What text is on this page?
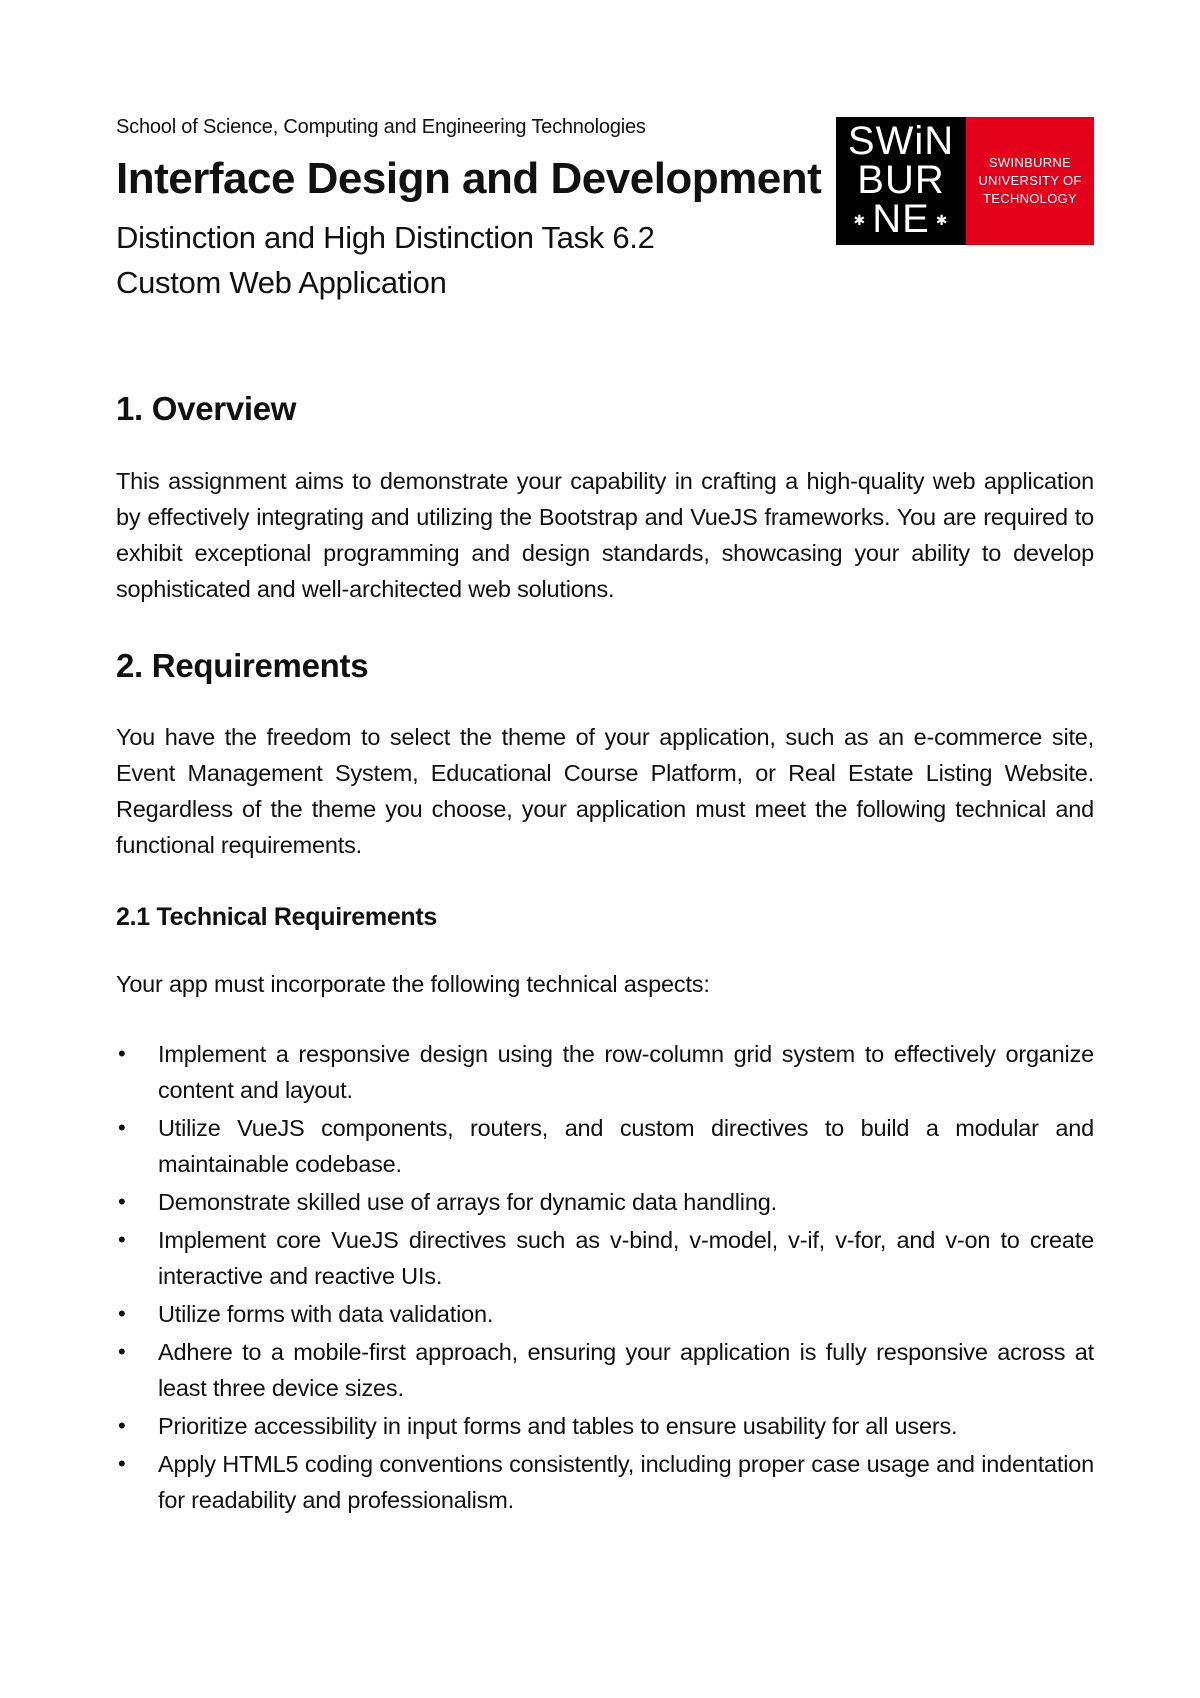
SWiN
BUR
✱ NE ✱
SWINBURNE
UNIVERSITY OF
TECHNOLOGY
School of Science, Computing and Engineering Technologies
Interface Design and Development
Distinction and High Distinction Task 6.2
Custom Web Application
1. Overview

This assignment aims to demonstrate your capability in crafting a high-quality web application by effectively integrating and utilizing the Bootstrap and VueJS frameworks. You are required to exhibit exceptional programming and design standards, showcasing your ability to develop sophisticated and well-architected web solutions.

2. Requirements

You have the freedom to select the theme of your application, such as an e-commerce site, Event Management System, Educational Course Platform, or Real Estate Listing Website. Regardless of the theme you choose, your application must meet the following technical and functional requirements.

2.1 Technical Requirements

Your app must incorporate the following technical aspects:

• Implement a responsive design using the row-column grid system to effectively organize content and layout.
• Utilize VueJS components, routers, and custom directives to build a modular and maintainable codebase.
• Demonstrate skilled use of arrays for dynamic data handling.
• Implement core VueJS directives such as v-bind, v-model, v-if, v-for, and v-on to create interactive and reactive UIs.
• Utilize forms with data validation.
• Adhere to a mobile-first approach, ensuring your application is fully responsive across at least three device sizes.
• Prioritize accessibility in input forms and tables to ensure usability for all users.
• Apply HTML5 coding conventions consistently, including proper case usage and indentation for readability and professionalism.
